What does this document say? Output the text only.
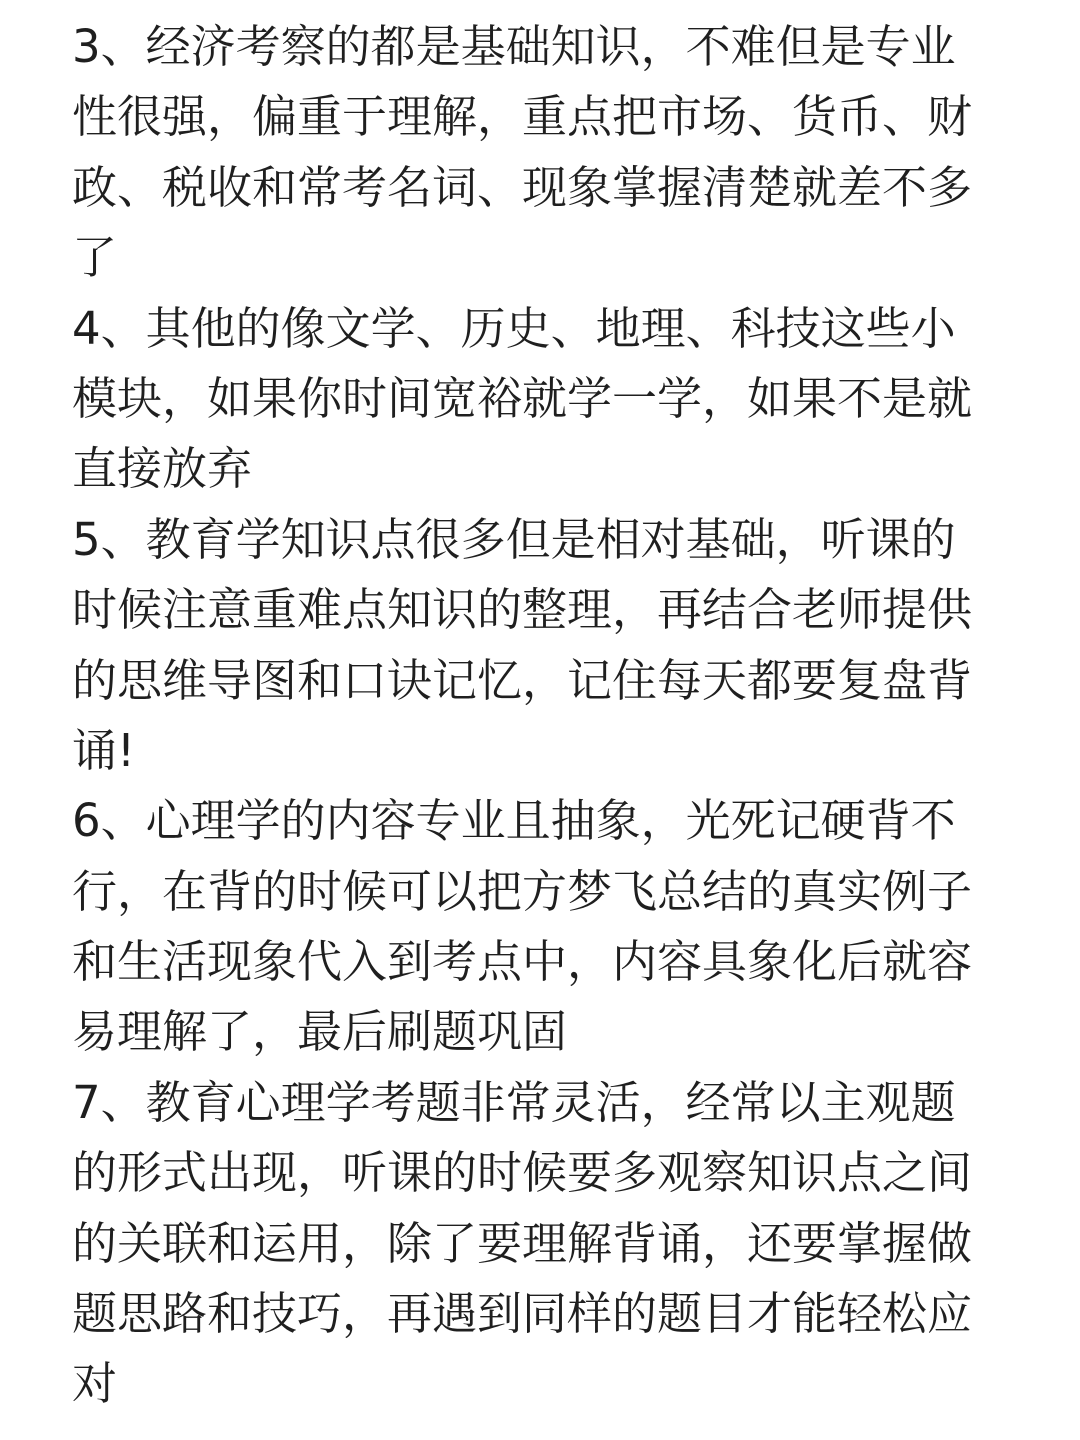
3、经济考察的都是基础知识，不难但是专业
性很强，偏重于理解，重点把市场、货币、财
政、税收和常考名词、现象掌握清楚就差不多
了
4、其他的像文学、历史、地理、科技这些小
模块，如果你时间宽裕就学一学，如果不是就
直接放弃
5、教育学知识点很多但是相对基础，听课的
时候注意重难点知识的整理，再结合老师提供
的思维导图和口诀记忆，记住每天都要复盘背
诵!
6、心理学的内容专业且抽象，光死记硬背不
行，在背的时候可以把方梦飞总结的真实例子
和生活现象代入到考点中，内容具象化后就容
易理解了，最后刷题巩固
7、教育心理学考题非常灵活，经常以主观题
的形式出现，听课的时候要多观察知识点之间
的关联和运用，除了要理解背诵，还要掌握做
题思路和技巧，再遇到同样的题目才能轻松应
对
